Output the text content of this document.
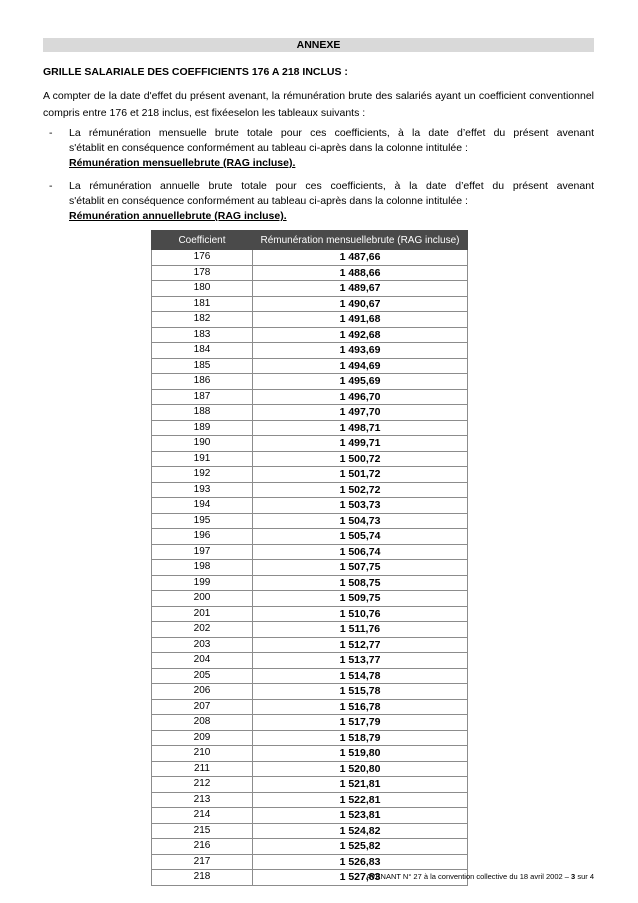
ANNEXE
GRILLE SALARIALE DES COEFFICIENTS 176 A 218 INCLUS :
A compter de la date d'effet du présent avenant, la rémunération brute des salariés ayant un coefficient conventionnel compris entre 176 et 218 inclus, est fixéeselon les tableaux suivants :
- La rémunération mensuelle brute totale pour ces coefficients, à la date d’effet du présent avenant
s'établit en conséquence conformément au tableau ci-après dans la colonne intitulée :
Rémunération mensuellebrute (RAG incluse).
- La rémunération annuelle brute totale pour ces coefficients, à la date d’effet du présent avenant
s'établit en conséquence conformément au tableau ci-après dans la colonne intitulée :
Rémunération annuellebrute (RAG incluse).
Coefficient	Rémunération mensuellebrute (RAG incluse)
176	1 487,66
178	1 488,66
180	1 489,67
181	1 490,67
182	1 491,68
183	1 492,68
184	1 493,69
185	1 494,69
186	1 495,69
187	1 496,70
188	1 497,70
189	1 498,71
190	1 499,71
191	1 500,72
192	1 501,72
193	1 502,72
194	1 503,73
195	1 504,73
196	1 505,74
197	1 506,74
198	1 507,75
199	1 508,75
200	1 509,75
201	1 510,76
202	1 511,76
203	1 512,77
204	1 513,77
205	1 514,78
206	1 515,78
207	1 516,78
208	1 517,79
209	1 518,79
210	1 519,80
211	1 520,80
212	1 521,81
213	1 522,81
214	1 523,81
215	1 524,82
216	1 525,82
217	1 526,83
218	1 527,83
AVENANT N° 27 à la convention collective du 18 avril 2002 – 3 sur 4
